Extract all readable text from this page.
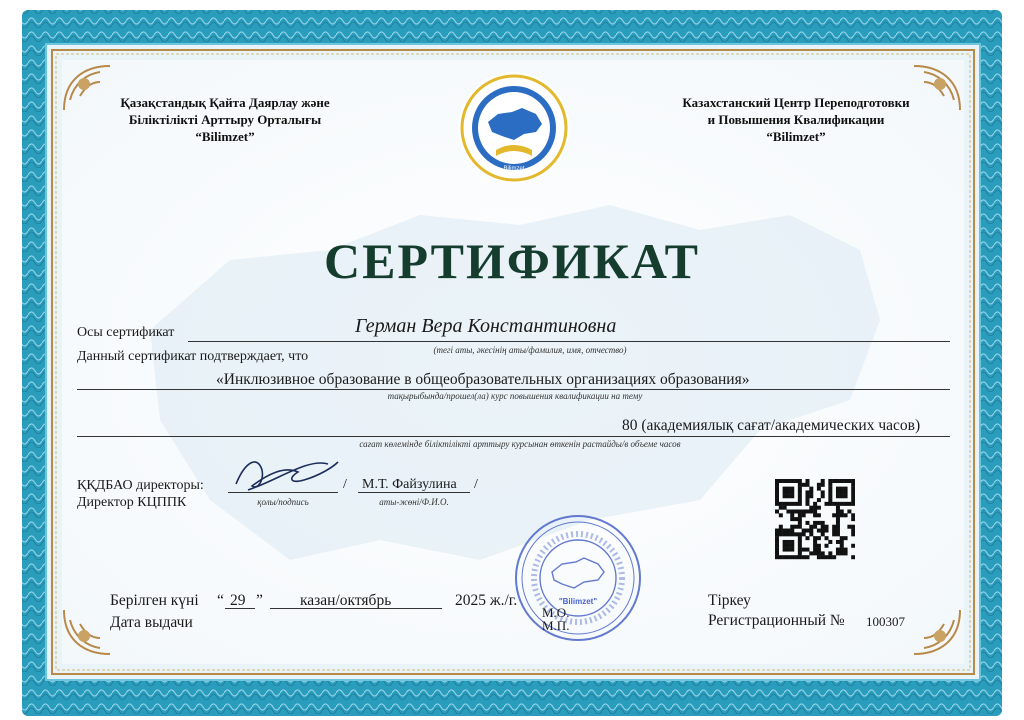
Қазақстандық Қайта Даярлау және
Біліктілікті Арттыру Орталығы
“Bilimzet”
Bilimzet
Казахстанский Центр Переподготовки
и Повышения Квалификации
“Bilimzet”
СЕРТИФИКАТ
Осы сертификат	Герман Вера Константиновна
(тегі аты, әкесінің аты/фамилия, имя, отчество)
Данный сертификат подтверждает, что
«Инклюзивное образование в общеобразовательных организациях образования»
тақырыбында/прошел(ла) курс повышения квалификации на тему
80 (академиялық сағат/академических часов)
сағат көлемінде біліктілікті арттыру курсынан өткенін растайды/в объеме часов
ҚҚДБАО директоры:
Директор КЦППК	қолы/подпись
/ М.Т. Файзулина /
аты-жөні/Ф.И.О.
"Bilimzet"
Берілген күні
Дата выдачи
“ 29 ” казан/октябрь	2025 ж./г.
М.О.
М.П.
Тіркеу
Регистрационный № 100307
